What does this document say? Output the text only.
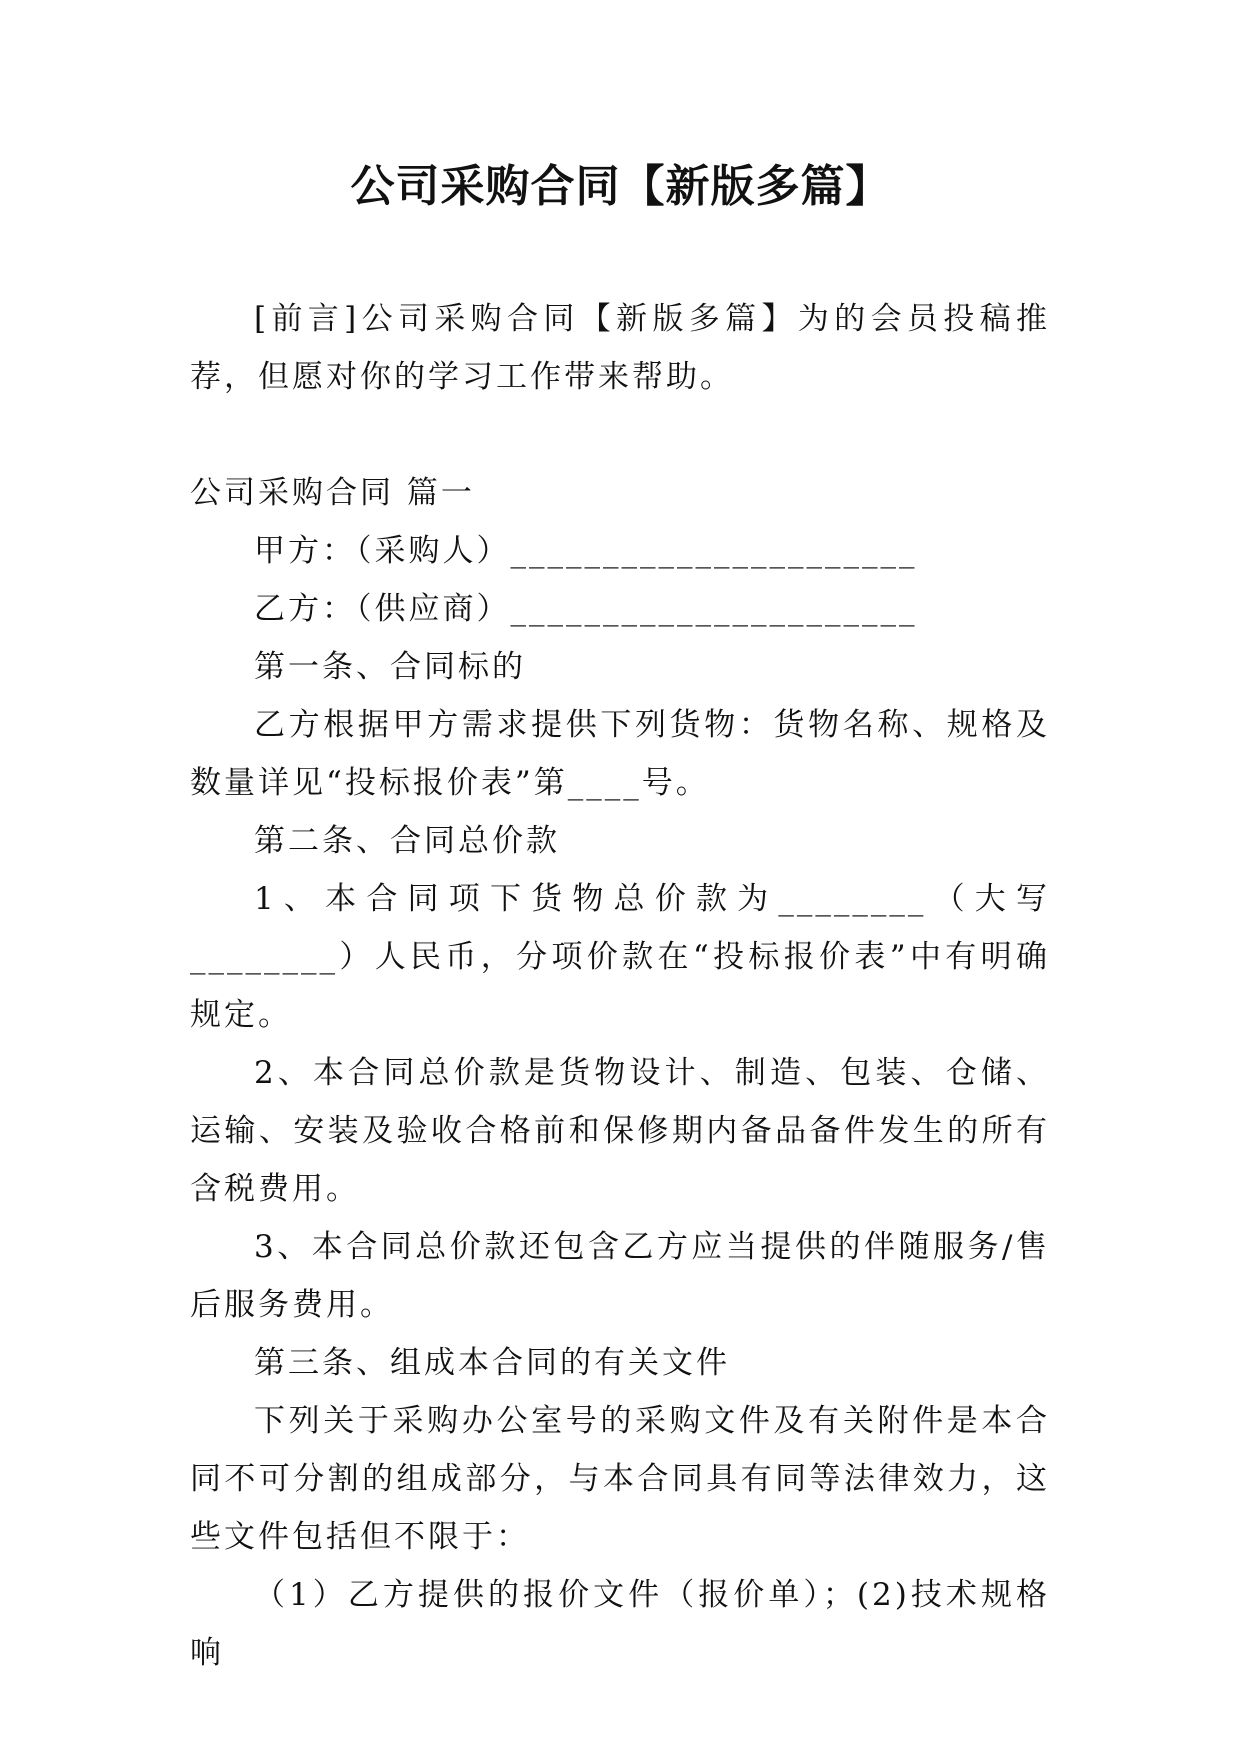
公司采购合同【新版多篇】

[前言]公司采购合同【新版多篇】为的会员投稿推荐，但愿对你的学习工作带来帮助。

公司采购合同 篇一

甲方：（采购人）______________________

乙方：（供应商）______________________

第一条、合同标的

乙方根据甲方需求提供下列货物：货物名称、规格及数量详见“投标报价表”第____号。

第二条、合同总价款

1、本合同项下货物总价款为________（大写________）人民币，分项价款在“投标报价表”中有明确规定。

2、本合同总价款是货物设计、制造、包装、仓储、运输、安装及验收合格前和保修期内备品备件发生的所有含税费用。

3、本合同总价款还包含乙方应当提供的伴随服务/售后服务费用。

第三条、组成本合同的有关文件

下列关于采购办公室号的采购文件及有关附件是本合同不可分割的组成部分，与本合同具有同等法律效力，这些文件包括但不限于：

（1）乙方提供的报价文件（报价单）；(2)技术规格响
